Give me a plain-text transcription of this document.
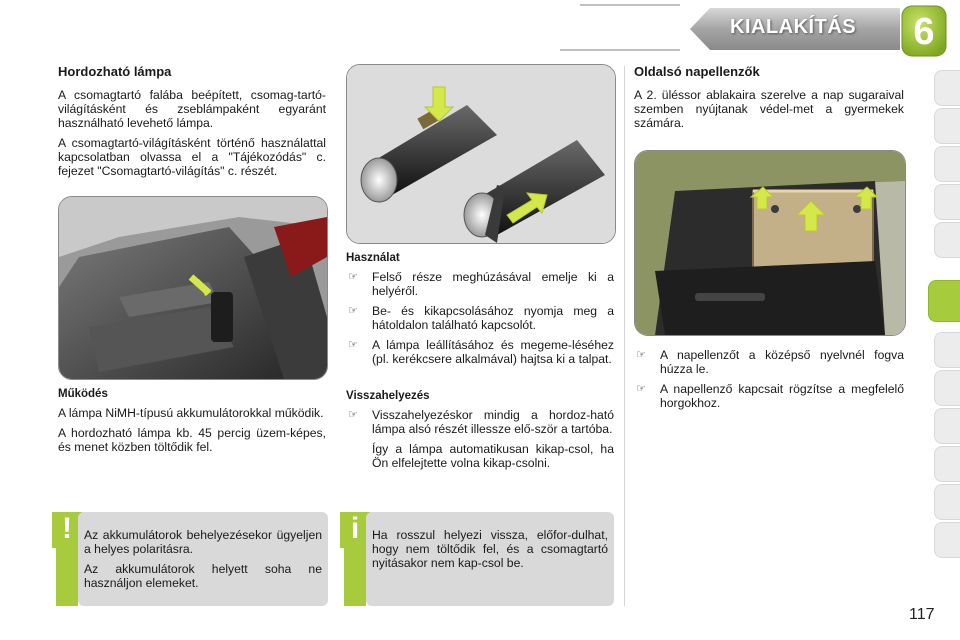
KIALAKÍTÁS	6
Hordozható lámpa

A csomagtartó falába beépített, csomag-tartó-világításként és zseblámpaként egyaránt használható levehető lámpa.

A csomagtartó-világításként történő használattal kapcsolatban olvassa el a "Tájékozódás" c. fejezet "Csomagtartó-világítás" c. részét.

Működés

A lámpa NiMH-típusú akkumulátorokkal működik.

A hordozható lámpa kb. 45 percig üzem-képes, és menet közben töltődik fel.

! Az akkumulátorok behelyezésekor ügyeljen a helyes polaritásra.

Az akkumulátorok helyett soha ne használjon elemeket.

Használat
☞ Felső része meghúzásával emelje ki a helyéről.
☞ Be- és kikapcsolásához nyomja meg a hátoldalon található kapcsolót.
☞ A lámpa leállításához és megeme-léséhez (pl. kerékcsere alkalmával) hajtsa ki a talpat.
Visszahelyezés
☞ Visszahelyezéskor mindig a hordoz-ható lámpa alsó részét illessze elő-ször a tartóba.
Így a lámpa automatikusan kikap-csol, ha Ön elfelejtette volna kikap-csolni.
i	Ha rosszul helyezi vissza, előfor-dulhat, hogy nem töltődik fel, és a csomagtartó nyitásakor nem kap-csol be.
Oldalsó napellenzők

A 2. üléssor ablakaira szerelve a nap sugaraival szemben nyújtanak védel-met a gyermekek számára.

☞ A napellenzőt a középső nyelvnél fogva húzza le.
☞ A napellenző kapcsait rögzítse a megfelelő horgokhoz.
117
